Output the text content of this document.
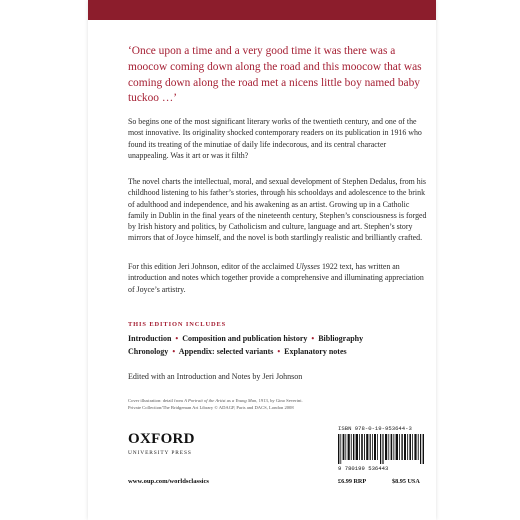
‘Once upon a time and a very good time it was there was a moocow coming down along the road and this moocow that was coming down along the road met a nicens little boy named baby tuckoo …’

So begins one of the most significant literary works of the twentieth century, and one of the most innovative. Its originality shocked contemporary readers on its publication in 1916 who found its treating of the minutiae of daily life indecorous, and its central character unappealing. Was it art or was it filth?

The novel charts the intellectual, moral, and sexual development of Stephen Dedalus, from his childhood listening to his father’s stories, through his schooldays and adolescence to the brink of adulthood and independence, and his awakening as an artist. Growing up in a Catholic family in Dublin in the final years of the nineteenth century, Stephen’s consciousness is forged by Irish history and politics, by Catholicism and culture, language and art. Stephen’s story mirrors that of Joyce himself, and the novel is both startlingly realistic and brilliantly crafted.

For this edition Jeri Johnson, editor of the acclaimed Ulysses 1922 text, has written an introduction and notes which together provide a comprehensive and illuminating appreciation of Joyce’s artistry.

THIS EDITION INCLUDES
Introduction • Composition and publication history • Bibliography
Chronology • Appendix: selected variants • Explanatory notes
Edited with an Introduction and Notes by Jeri Johnson
Cover illustration: detail from A Portrait of the Artist as a Young Man, 1913, by Gino Severini.
Private Collection/The Bridgeman Art Library © ADAGP, Paris and DACS, London 2008
OXFORD
UNIVERSITY PRESS
www.oup.com/worldsclassics
ISBN 978-0-19-953644-3
9 780199 536443
£6.99 RRP	$8.95 USA
